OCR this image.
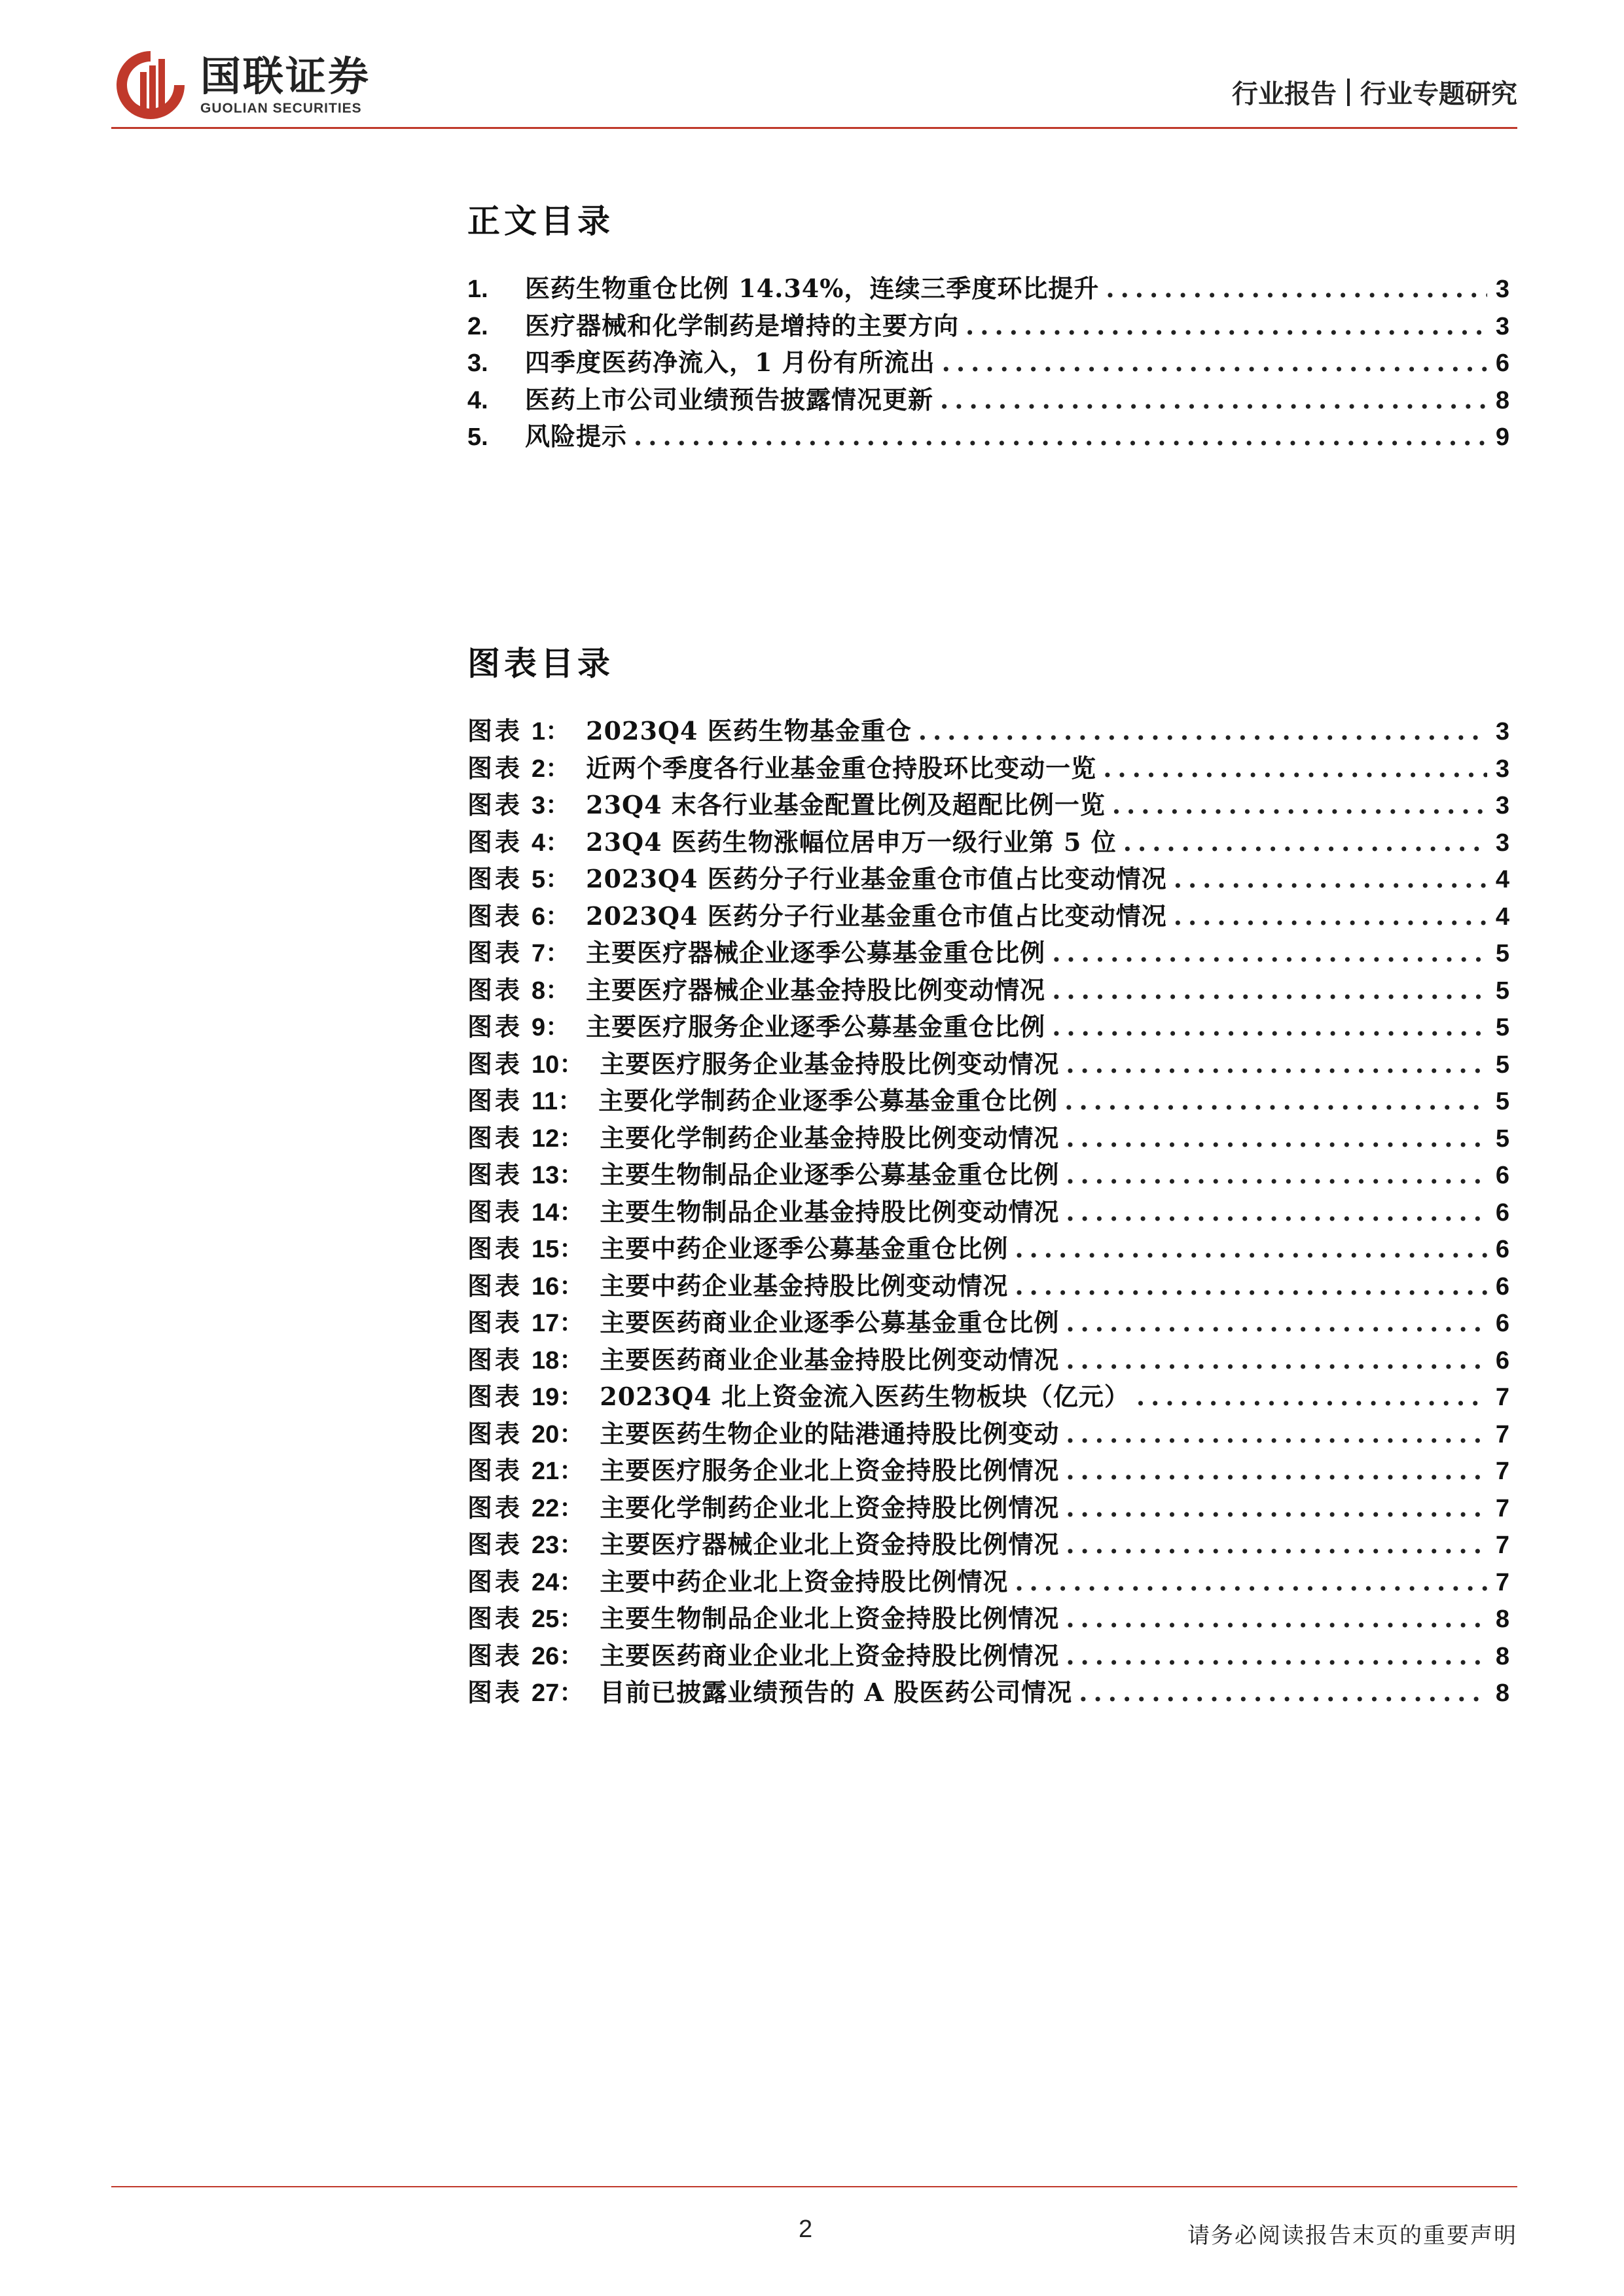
国联证券
GUOLIAN SECURITIES	行业报告 行业专题研究
正文目录
1.	医药生物重仓比例 14.34%，连续三季度环比提升 .....	3
2.	医疗器械和化学制药是增持的主要方向 .....	3
3.	四季度医药净流入，1 月份有所流出 .....	6
4.	医药上市公司业绩预告披露情况更新 .....	8
5.	风险提示 .....	9
图表目录
图表 1 ： 2023Q4 医药生物基金重仓 .....	3
图表 2 ： 近两个季度各行业基金重仓持股环比变动一览 .....	3
图表 3 ： 23Q4 末各行业基金配置比例及超配比例一览 .....	3
图表 4 ： 23Q4 医药生物涨幅位居申万一级行业第 5 位 .....	3
图表 5 ： 2023Q4 医药分子行业基金重仓市值占比变动情况 .....	4
图表 6 ： 2023Q4 医药分子行业基金重仓市值占比变动情况 .....	4
图表 7 ： 主要医疗器械企业逐季公募基金重仓比例 .....	5
图表 8 ： 主要医疗器械企业基金持股比例变动情况 .....	5
图表 9 ： 主要医疗服务企业逐季公募基金重仓比例 .....	5
图表 10 ： 主要医疗服务企业基金持股比例变动情况 .....	5
图表 11 ： 主要化学制药企业逐季公募基金重仓比例 .....	5
图表 12 ： 主要化学制药企业基金持股比例变动情况 .....	5
图表 13 ： 主要生物制品企业逐季公募基金重仓比例 .....	6
图表 14 ： 主要生物制品企业基金持股比例变动情况 .....	6
图表 15 ： 主要中药企业逐季公募基金重仓比例 .....	6
图表 16 ： 主要中药企业基金持股比例变动情况 .....	6
图表 17 ： 主要医药商业企业逐季公募基金重仓比例 .....	6
图表 18 ： 主要医药商业企业基金持股比例变动情况 .....	6
图表 19 ： 2023Q4 北上资金流入医药生物板块（亿元） .....	7
图表 20 ： 主要医药生物企业的陆港通持股比例变动 .....	7
图表 21 ： 主要医疗服务企业北上资金持股比例情况 .....	7
图表 22 ： 主要化学制药企业北上资金持股比例情况 .....	7
图表 23 ： 主要医疗器械企业北上资金持股比例情况 .....	7
图表 24 ： 主要中药企业北上资金持股比例情况 .....	7
图表 25 ： 主要生物制品企业北上资金持股比例情况 .....	8
图表 26 ： 主要医药商业企业北上资金持股比例情况 .....	8
图表 27 ： 目前已披露业绩预告的 A 股医药公司情况 .....	8
2	请务必阅读报告末页的重要声明
